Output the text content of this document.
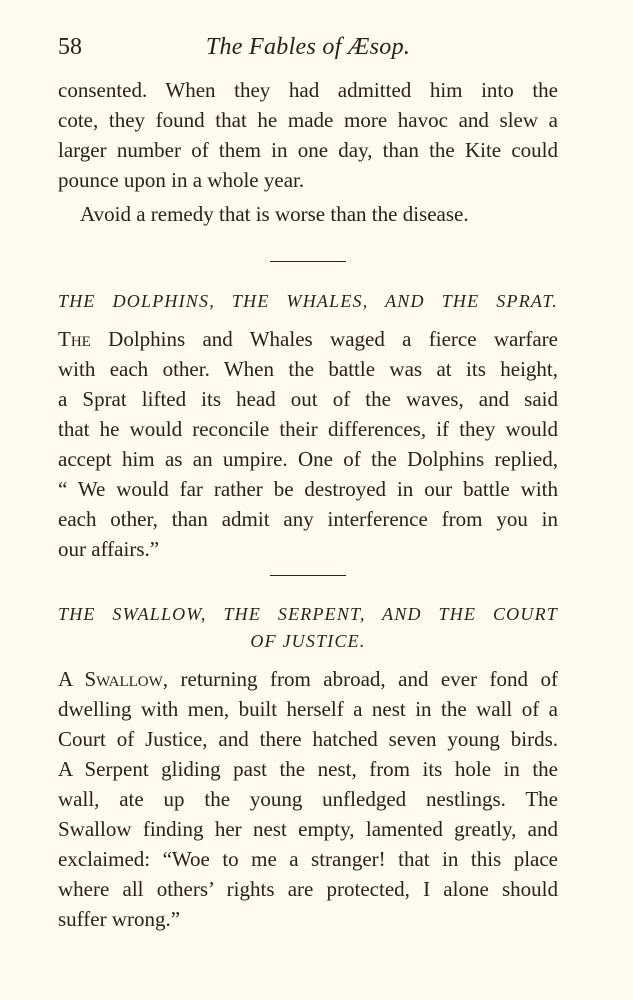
58	The Fables of Æsop.
consented. When they had admitted him into the
cote, they found that he made more havoc and slew a
larger number of them in one day, than the Kite could
pounce upon in a whole year.
Avoid a remedy that is worse than the disease.
THE DOLPHINS, THE WHALES, AND THE SPRAT.
The Dolphins and Whales waged a fierce warfare
with each other. When the battle was at its height,
a Sprat lifted its head out of the waves, and said
that he would reconcile their differences, if they would
accept him as an umpire. One of the Dolphins replied,
“ We would far rather be destroyed in our battle with
each other, than admit any interference from you in
our affairs.”
THE SWALLOW, THE SERPENT, AND THE COURT
OF JUSTICE.
A Swallow, returning from abroad, and ever fond of
dwelling with men, built herself a nest in the wall of a
Court of Justice, and there hatched seven young birds.
A Serpent gliding past the nest, from its hole in the
wall, ate up the young unfledged nestlings. The
Swallow finding her nest empty, lamented greatly, and
exclaimed: “Woe to me a stranger! that in this place
where all others’ rights are protected, I alone should
suffer wrong.”
